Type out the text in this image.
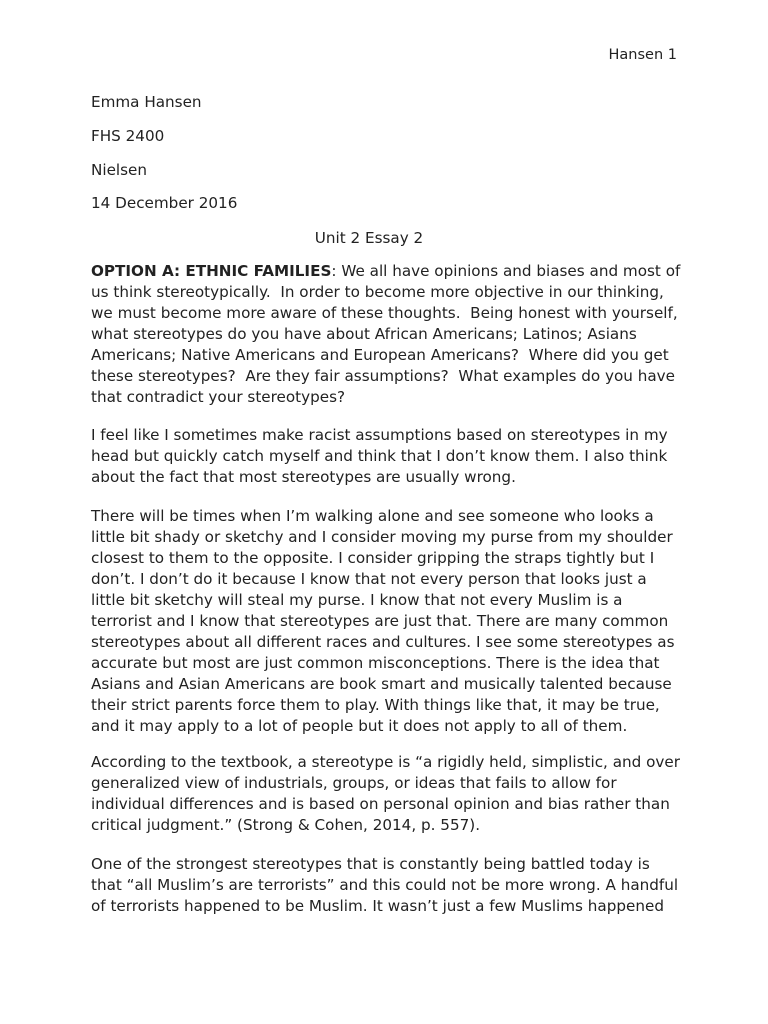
Hansen 1
Emma Hansen
FHS 2400
Nielsen
14 December 2016
Unit 2 Essay 2
OPTION A: ETHNIC FAMILIES: We all have opinions and biases and most of
us think stereotypically.  In order to become more objective in our thinking,
we must become more aware of these thoughts.  Being honest with yourself,
what stereotypes do you have about African Americans; Latinos; Asians
Americans; Native Americans and European Americans?  Where did you get
these stereotypes?  Are they fair assumptions?  What examples do you have
that contradict your stereotypes?
I feel like I sometimes make racist assumptions based on stereotypes in my
head but quickly catch myself and think that I don’t know them. I also think
about the fact that most stereotypes are usually wrong.
There will be times when I’m walking alone and see someone who looks a
little bit shady or sketchy and I consider moving my purse from my shoulder
closest to them to the opposite. I consider gripping the straps tightly but I
don’t. I don’t do it because I know that not every person that looks just a
little bit sketchy will steal my purse. I know that not every Muslim is a
terrorist and I know that stereotypes are just that. There are many common
stereotypes about all different races and cultures. I see some stereotypes as
accurate but most are just common misconceptions. There is the idea that
Asians and Asian Americans are book smart and musically talented because
their strict parents force them to play. With things like that, it may be true,
and it may apply to a lot of people but it does not apply to all of them.
According to the textbook, a stereotype is “a rigidly held, simplistic, and over
generalized view of industrials, groups, or ideas that fails to allow for
individual differences and is based on personal opinion and bias rather than
critical judgment.” (Strong & Cohen, 2014, p. 557).
One of the strongest stereotypes that is constantly being battled today is
that “all Muslim’s are terrorists” and this could not be more wrong. A handful
of terrorists happened to be Muslim. It wasn’t just a few Muslims happened
